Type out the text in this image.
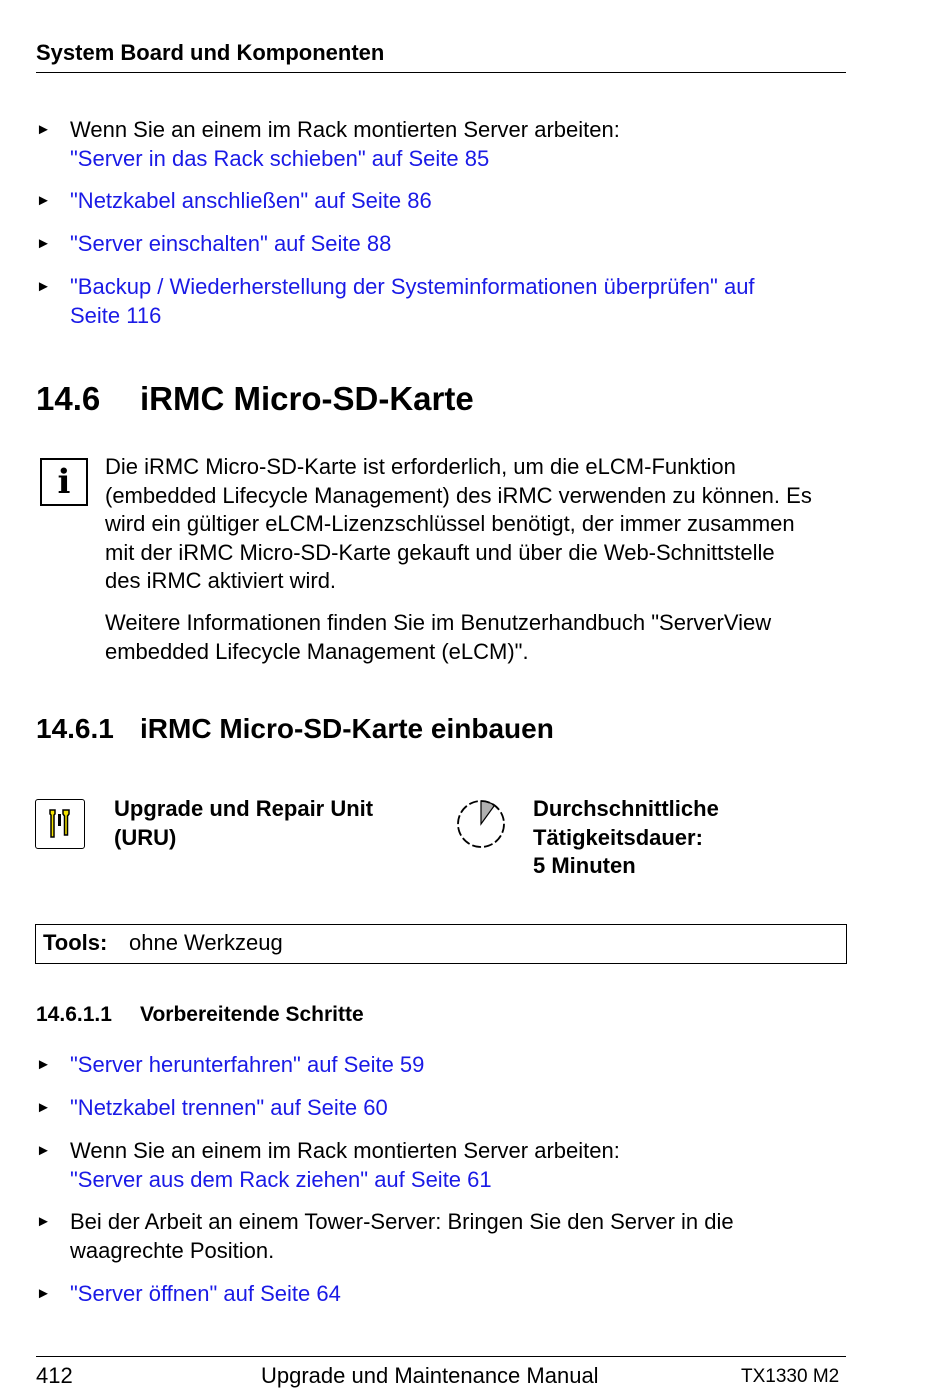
System Board und Komponenten
► Wenn Sie an einem im Rack montierten Server arbeiten:
"Server in das Rack schieben" auf Seite 85
► "Netzkabel anschließen" auf Seite 86
► "Server einschalten" auf Seite 88
► "Backup / Wiederherstellung der Systeminformationen überprüfen" auf
Seite 116
14.6 iRMC Micro-SD-Karte
i	Die iRMC Micro-SD-Karte ist erforderlich, um die eLCM-Funktion
(embedded Lifecycle Management) des iRMC verwenden zu können. Es
wird ein gültiger eLCM-Lizenzschlüssel benötigt, der immer zusammen
mit der iRMC Micro-SD-Karte gekauft und über die Web-Schnittstelle
des iRMC aktiviert wird.
Weitere Informationen finden Sie im Benutzerhandbuch "ServerView
embedded Lifecycle Management (eLCM)".
14.6.1 iRMC Micro-SD-Karte einbauen
Upgrade und Repair Unit
(URU)
Durchschnittliche
Tätigkeitsdauer:
5 Minuten
Tools: ohne Werkzeug
14.6.1.1 Vorbereitende Schritte
► "Server herunterfahren" auf Seite 59
► "Netzkabel trennen" auf Seite 60
► Wenn Sie an einem im Rack montierten Server arbeiten:
"Server aus dem Rack ziehen" auf Seite 61
► Bei der Arbeit an einem Tower-Server: Bringen Sie den Server in die
waagrechte Position.
► "Server öffnen" auf Seite 64
412	Upgrade und Maintenance Manual	TX1330 M2
